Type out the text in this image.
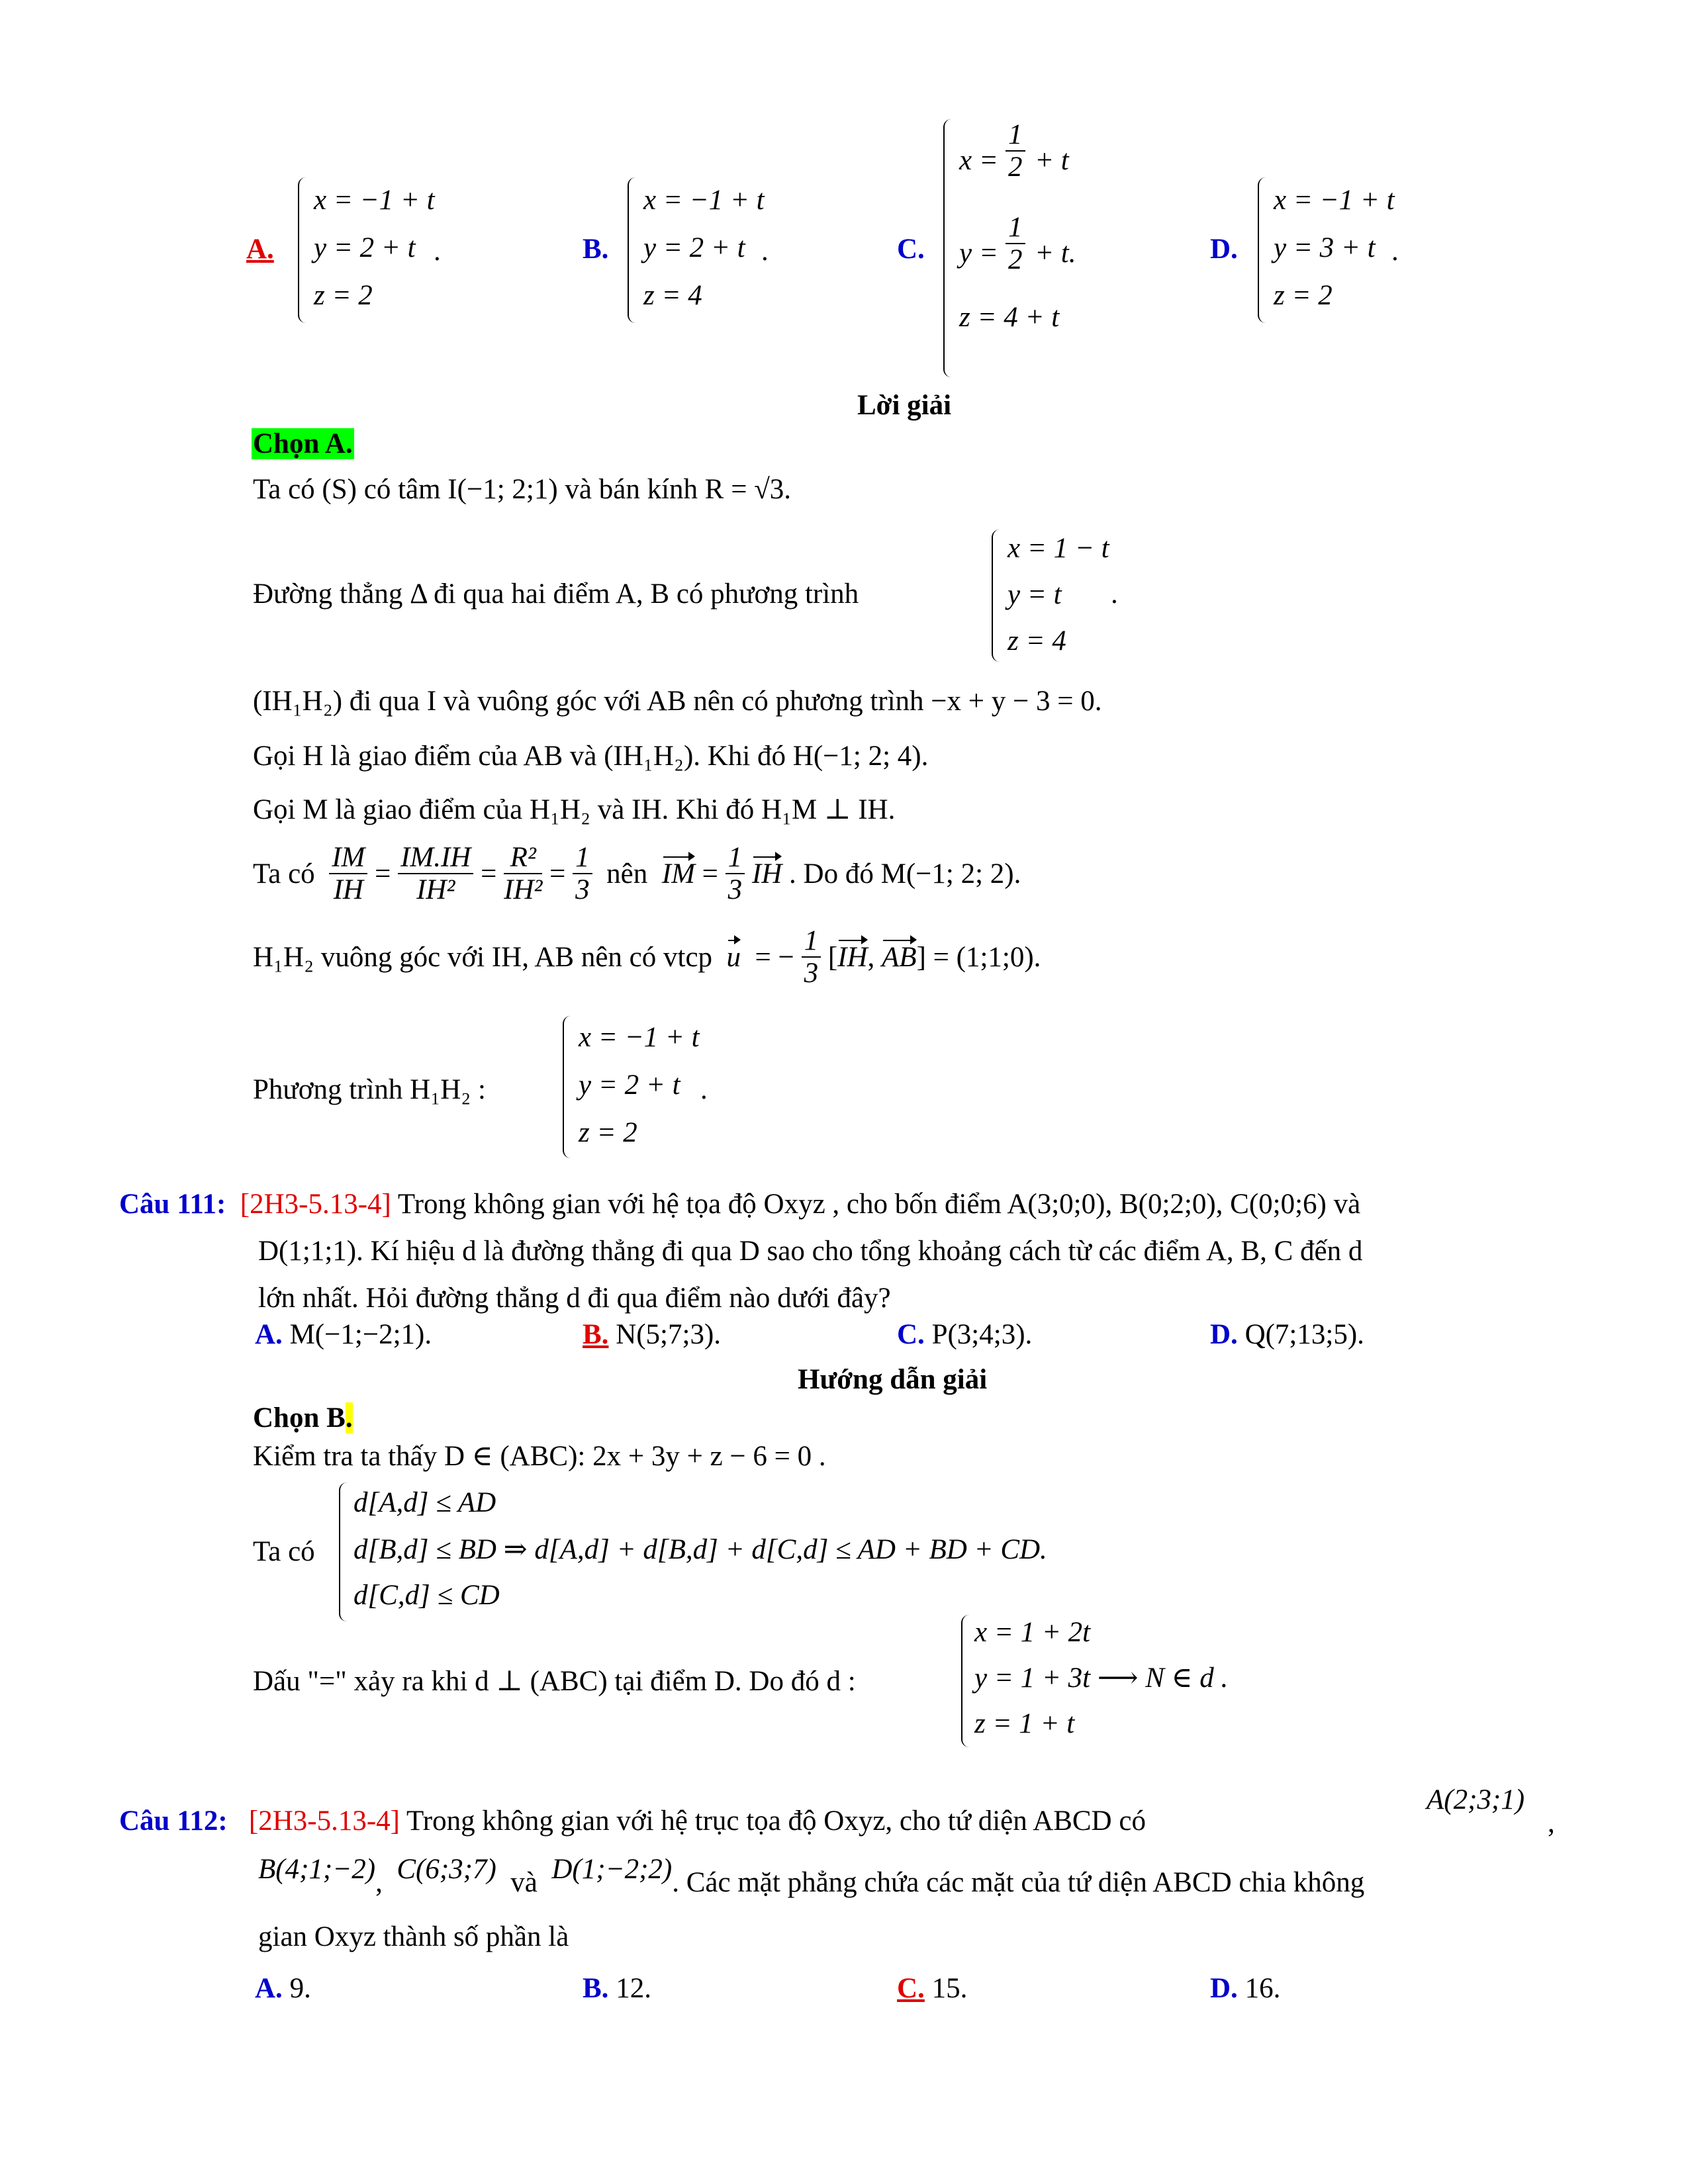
A.
x = −1 + t
y = 2 + t
z = 2
.	B.
x = −1 + t
y = 2 + t
z = 4
.	C.
$x = \frac{1}{2} + t$
$y = \frac{1}{2} + t$.
z = 4 + t
D.
x = −1 + t
y = 3 + t
z = 2
.
Lời giải
Chọn A.
Ta có (S) có tâm I(−1; 2;1) và bán kính R = √3.
Đường thẳng Δ đi qua hai điểm A, B có phương trình
x = 1 − t
y = t
z = 4
.
(IH₁H₂) đi qua I và vuông góc với AB nên có phương trình −x + y − 3 = 0.
Gọi H là giao điểm của AB và (IH₁H₂). Khi đó H(−1; 2; 4).
Gọi M là giao điểm của H₁H₂ và IH. Khi đó H₁M ⊥ IH.
Ta có $\frac{IM}{IH} = \frac{IM.IH}{\text{IH²}} = \frac{\text{R²}}{\text{IH²}} = \frac{1}{3}$ nên IM = $\frac{1}{3}$ IH . Do đó M(−1; 2; 2).
H₁H₂ vuông góc với IH, AB nên có vtcp u = − $\frac{1}{3} [IH$, AB] = (1;1;0).
Phương trình H₁H₂ :
x = −1 + t
y = 2 + t
z = 2
.
Câu 111: [2H3-5.13-4] Trong không gian với hệ tọa độ Oxyz , cho bốn điểm A(3;0;0), B(0;2;0), C(0;0;6) và
D(1;1;1). Kí hiệu d là đường thẳng đi qua D sao cho tổng khoảng cách từ các điểm A, B, C đến d
lớn nhất. Hỏi đường thẳng d đi qua điểm nào dưới đây?
A. M(−1;−2;1).	B. N(5;7;3).	C. P(3;4;3).	D. Q(7;13;5).
Hướng dẫn giải
Chọn B.
Kiểm tra ta thấy D ∈ (ABC): 2x + 3y + z − 6 = 0 .
Ta có
d[A,d] ≤ AD
d[B,d] ≤ BD ⇒ d[A,d] + d[B,d] + d[C,d] ≤ AD + BD + CD.
d[C,d] ≤ CD
Dấu "=" xảy ra khi d ⊥ (ABC) tại điểm D. Do đó d :
x = 1 + 2t
y = 1 + 3t ⟶ N ∈ d .
z = 1 + t
Câu 112: [2H3-5.13-4] Trong không gian với hệ trục tọa độ Oxyz, cho tứ diện ABCD có
A(2;3;1)
,
B(4;1;−2), C(6;3;7) và D(1;−2;2). Các mặt phẳng chứa các mặt của tứ diện ABCD chia không
gian Oxyz thành số phần là
A. 9.	B. 12.	C. 15.	D. 16.
